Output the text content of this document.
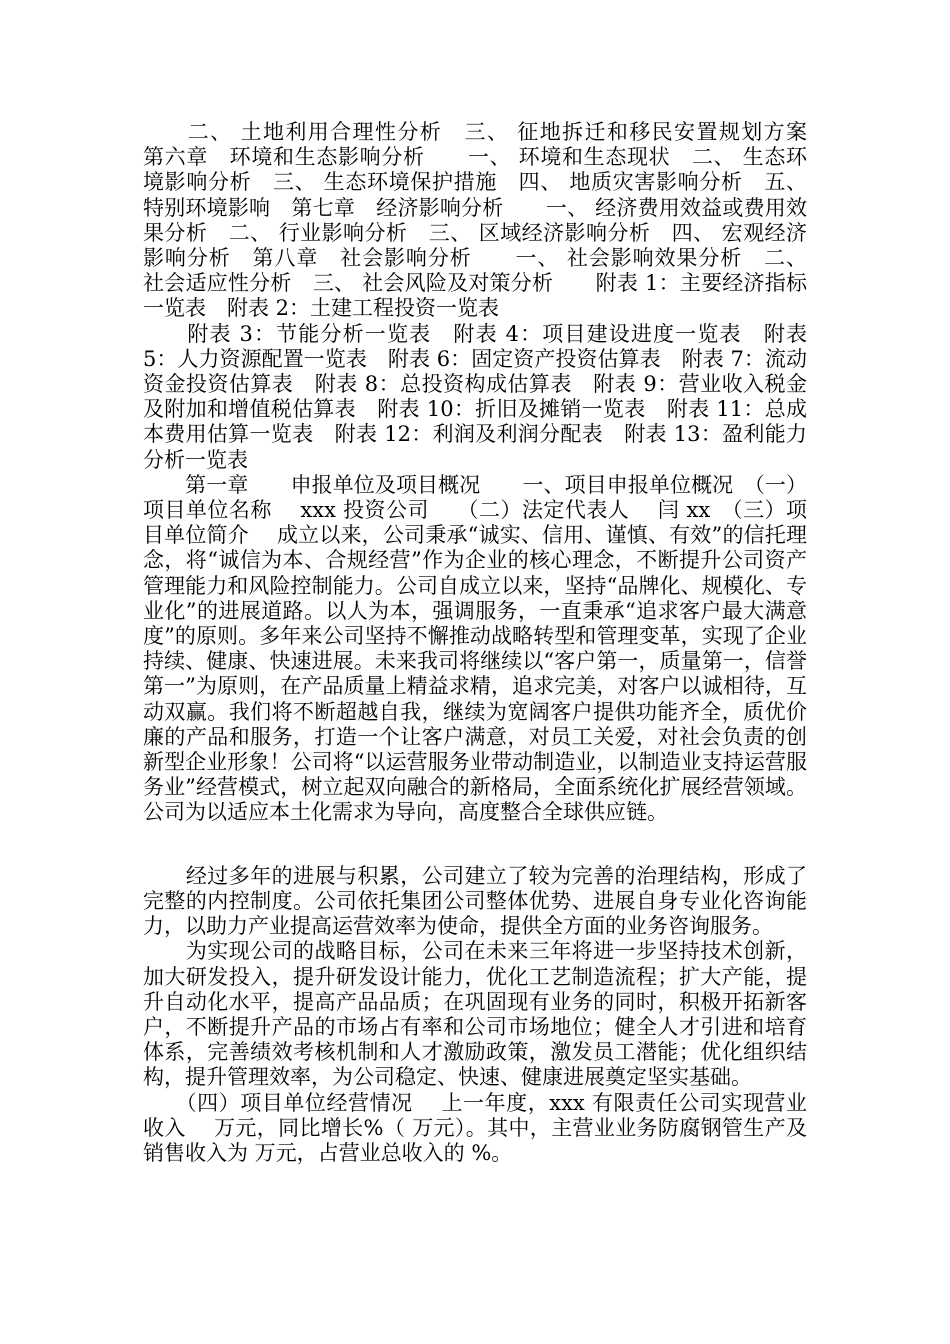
　　二、 土地利用合理性分析　三、 征地拆迁和移民安置规划方案　第六章　环境和生态影响分析　　一、 环境和生态现状　二、 生态环境影响分析　三、 生态环境保护措施　四、 地质灾害影响分析　五、 特别环境影响　第七章　经济影响分析　　一、 经济费用效益或费用效果分析　二、 行业影响分析　三、 区域经济影响分析　四、 宏观经济影响分析　第八章　社会影响分析　　一、 社会影响效果分析　二、 社会适应性分析　三、 社会风险及对策分析　　附表 1：主要经济指标一览表　附表 2：土建工程投资一览表

　　附表 3：节能分析一览表　附表 4：项目建设进度一览表　附表 5：人力资源配置一览表　附表 6：固定资产投资估算表　附表 7：流动资金投资估算表　附表 8：总投资构成估算表　附表 9：营业收入税金及附加和增值税估算表　附表 10：折旧及摊销一览表　附表 11：总成本费用估算一览表　附表 12：利润及利润分配表　附表 13：盈利能力分析一览表

　　第一章　　申报单位及项目概况　　一、项目申报单位概况　（一）项目单位名称　 xxx 投资公司　 （二）法定代表人　 闫 xx　（三）项目单位简介　 成立以来，公司秉承“诚实、信用、谨慎、有效”的信托理念，将“诚信为本、合规经营”作为企业的核心理念，不断提升公司资产管理能力和风险控制能力。公司自成立以来，坚持“品牌化、规模化、专业化”的进展道路。以人为本，强调服务，一直秉承“追求客户最大满意度”的原则。多年来公司坚持不懈推动战略转型和管理变革，实现了企业持续、健康、快速进展。未来我司将继续以“客户第一，质量第一，信誉第一”为原则，在产品质量上精益求精，追求完美，对客户以诚相待，互动双赢。我们将不断超越自我，继续为宽阔客户提供功能齐全，质优价廉的产品和服务，打造一个让客户满意，对员工关爱，对社会负责的创新型企业形象！公司将“以运营服务业带动制造业，以制造业支持运营服务业”经营模式，树立起双向融合的新格局，全面系统化扩展经营领域。公司为以适应本土化需求为导向，高度整合全球供应链。

　　经过多年的进展与积累，公司建立了较为完善的治理结构，形成了完整的内控制度。公司依托集团公司整体优势、进展自身专业化咨询能力，以助力产业提高运营效率为使命，提供全方面的业务咨询服务。

　　为实现公司的战略目标，公司在未来三年将进一步坚持技术创新，加大研发投入，提升研发设计能力，优化工艺制造流程；扩大产能，提升自动化水平，提高产品品质；在巩固现有业务的同时，积极开拓新客户，不断提升产品的市场占有率和公司市场地位；健全人才引进和培育体系，完善绩效考核机制和人才激励政策，激发员工潜能；优化组织结构，提升管理效率，为公司稳定、快速、健康进展奠定坚实基础。

　　（四）项目单位经营情况　 上一年度，xxx 有限责任公司实现营业收入　 万元，同比增长%（ 万元）。其中，主营业业务防腐钢管生产及销售收入为 万元，占营业总收入的 %。
